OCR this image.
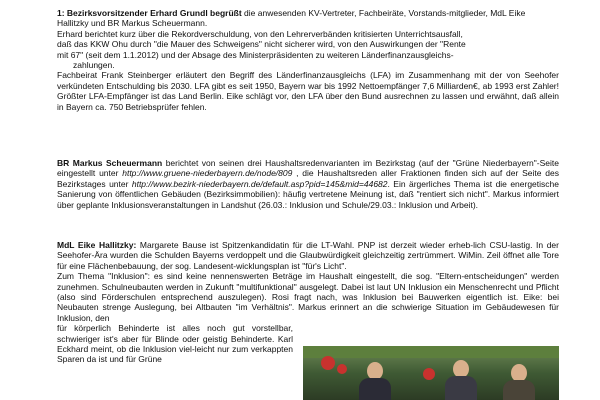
1: Bezirksvorsitzender Erhard Grundl begrüßt die anwesenden KV-Vertreter, Fachbeiräte, Vorstands-mitglieder, MdL Eike Hallitzky und BR Markus Scheuermann.

Erhard berichtet kurz über die Rekordverschuldung, von den Lehrerverbänden kritisierten Unterrichtsausfall,

daß das KKW Ohu durch "die Mauer des Schweigens" nicht sicherer wird, von den Auswirkungen der "Rente

mit 67" (seit dem 1.1.2012) und der Absage des Ministerpräsidenten zu weiteren Länderfinanzausgleichs-

zahlungen.

Fachbeirat Frank Steinberger erläutert den Begriff des Länderfinanzausgleichs (LFA) im Zusammenhang mit der von Seehofer verkündeten Entschulding bis 2030. LFA gibt es seit 1950, Bayern war bis 1992 Nettoempfänger 7,6 Milliarden€, ab 1993 erst Zahler! Größter LFA-Empfänger ist das Land Berlin. Eike schlägt vor, den LFA über den Bund ausrechnen zu lassen und erwähnt, daß allein in Bayern ca. 750 Betriebsprüfer fehlen.

BR Markus Scheuermann berichtet von seinen drei Haushaltsredenvarianten im Bezirkstag (auf der "Grüne Niederbayern"-Seite eingestellt unter http://www.gruene-niederbayern.de/node/809 , die Haushaltsreden aller Fraktionen finden sich auf der Seite des Bezirkstages unter http://www.bezirk-niederbayern.de/default.asp?pid=145&mid=44682. Ein ärgerliches Thema ist die energetische Sanierung von öffentlichen Gebäuden (Bezirksimmobilien): häufig vertretene Meinung ist, daß "rentiert sich nicht". Markus informiert über geplante Inklusionsveranstaltungen in Landshut (26.03.: Inklusion und Schule/29.03.: Inklusion und Arbeit).

MdL Eike Hallitzky: Margarete Bause ist Spitzenkandidatin für die LT-Wahl. PNP ist derzeit wieder erheb-lich CSU-lastig. In der Seehofer-Ära wurden die Schulden Bayerns verdoppelt und die Glaubwürdigkeit gleichzeitig zertrümmert. WiMin. Zeil öffnet alle Tore für eine Flächenbebauung, der sog. Landesent-wicklungsplan ist "für's Licht".

Zum Thema "Inklusion": es sind keine nennenswerten Beträge im Haushalt eingestellt, die sog. "Eltern-entscheidungen" werden zunehmen. Schulneubauten werden in Zukunft "multifunktional" ausgelegt. Dabei ist laut UN Inklusion ein Menschenrecht und Pflicht (also sind Förderschulen entsprechend auszulegen). Rosi fragt nach, was Inklusion bei Bauwerken eigentlich ist. Eike: bei Neubauten strenge Auslegung, bei Altbauten "im Verhältnis". Markus erinnert an die schwierige Situation im Gebäudewesen für Inklusion, den

für körperlich Behinderte ist alles noch gut vorstellbar, schwieriger ist's aber für Blinde oder geistig Behinderte. Karl Eckhard meint, ob die Inklusion viel-leicht nur zum verkappten Sparen da ist und für Grüne
